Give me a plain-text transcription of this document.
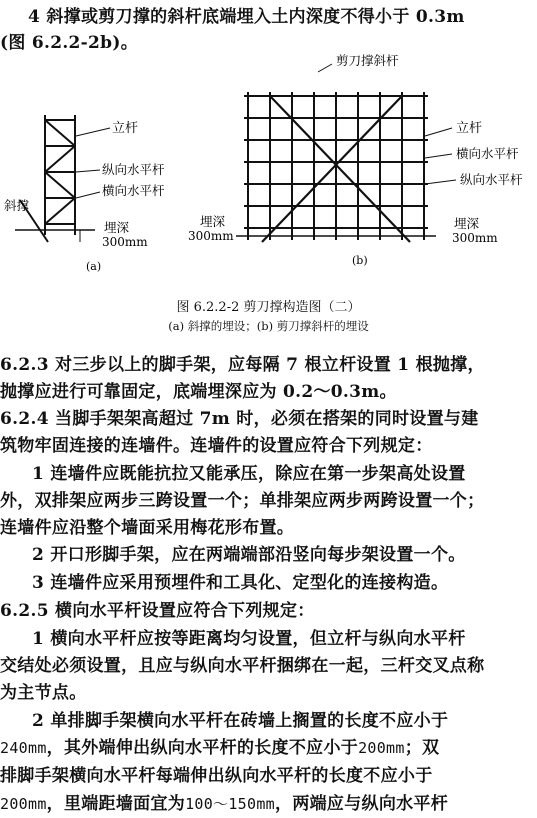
4 斜撑或剪刀撑的斜杆底端埋入土内深度不得小于 0.3m
(图 6.2.2-2b)。
立杆
纵向水平杆
横向水平杆
斜撑
埋深
300mm
(a)
剪刀撑斜杆
立杆
横向水平杆
纵向水平杆
埋深
300mm
埋深
300mm
(b)
图 6.2.2-2 剪刀撑构造图（二）
(a) 斜撑的埋设；(b) 剪刀撑斜杆的埋设
6.2.3 对三步以上的脚手架，应每隔 7 根立杆设置 1 根抛撑，
抛撑应进行可靠固定，底端埋深应为 0.2～0.3m。
6.2.4 当脚手架架高超过 7m 时，必须在搭架的同时设置与建
筑物牢固连接的连墙件。连墙件的设置应符合下列规定：
1 连墙件应既能抗拉又能承压，除应在第一步架高处设置
外，双排架应两步三跨设置一个；单排架应两步两跨设置一个；
连墙件应沿整个墙面采用梅花形布置。
2 开口形脚手架，应在两端端部沿竖向每步架设置一个。
3 连墙件应采用预埋件和工具化、定型化的连接构造。
6.2.5 横向水平杆设置应符合下列规定：
1 横向水平杆应按等距离均匀设置，但立杆与纵向水平杆
交结处必须设置，且应与纵向水平杆捆绑在一起，三杆交叉点称
为主节点。
2 单排脚手架横向水平杆在砖墙上搁置的长度不应小于
240mm，其外端伸出纵向水平杆的长度不应小于200mm；双
排脚手架横向水平杆每端伸出纵向水平杆的长度不应小于
200mm，里端距墙面宜为100～150mm，两端应与纵向水平杆
